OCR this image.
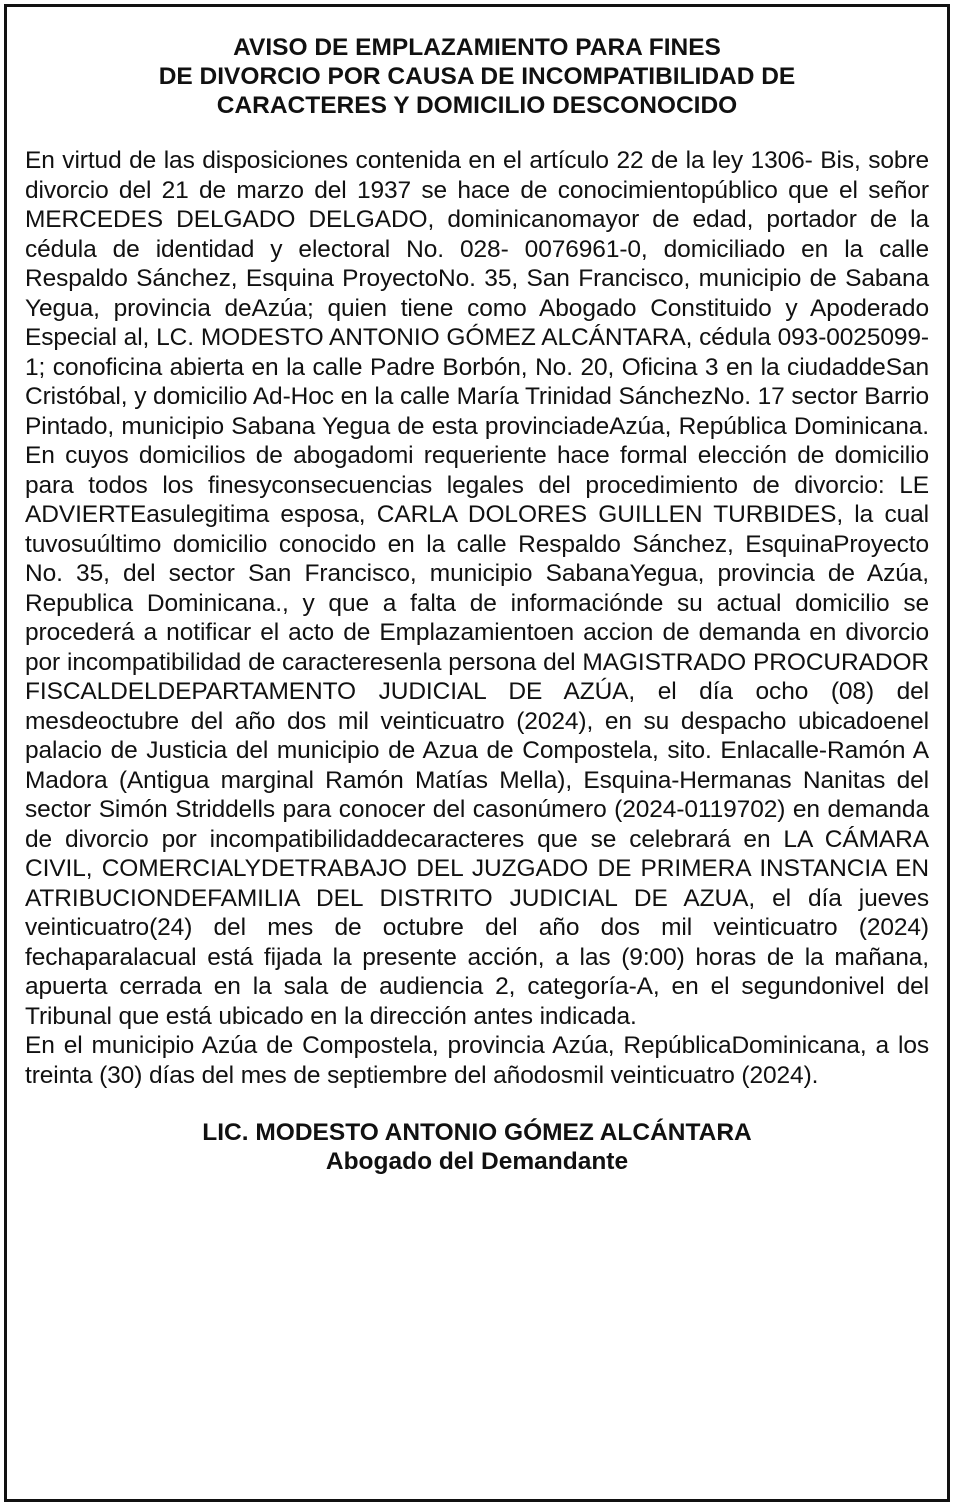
AVISO DE EMPLAZAMIENTO PARA FINES
DE DIVORCIO POR CAUSA DE INCOMPATIBILIDAD DE
CARACTERES Y DOMICILIO DESCONOCIDO

En virtud de las disposiciones contenida en el artículo 22 de la ley 1306- Bis, sobre divorcio del 21 de marzo del 1937 se hace de conocimientopúblico que el señor MERCEDES DELGADO DELGADO, dominicanomayor de edad, portador de la cédula de identidad y electoral No. 028- 0076961-0, domiciliado en la calle Respaldo Sánchez, Esquina ProyectoNo. 35, San Francisco, municipio de Sabana Yegua, provincia deAzúa; quien tiene como Abogado Constituido y Apoderado Especial al, LC. MODESTO ANTONIO GÓMEZ ALCÁNTARA, cédula 093-0025099-1; conoficina abierta en la calle Padre Borbón, No. 20, Oficina 3 en la ciudaddeSan Cristóbal, y domicilio Ad-Hoc en la calle María Trinidad SánchezNo. 17 sector Barrio Pintado, municipio Sabana Yegua de esta provinciadeAzúa, República Dominicana. En cuyos domicilios de abogadomi requeriente hace formal elección de domicilio para todos los finesyconsecuencias legales del procedimiento de divorcio: LE ADVIERTEasulegitima esposa, CARLA DOLORES GUILLEN TURBIDES, la cual tuvosuúltimo domicilio conocido en la calle Respaldo Sánchez, EsquinaProyecto No. 35, del sector San Francisco, municipio SabanaYegua, provincia de Azúa, Republica Dominicana., y que a falta de informaciónde su actual domicilio se procederá a notificar el acto de Emplazamientoen accion de demanda en divorcio por incompatibilidad de caracteresenla persona del MAGISTRADO PROCURADOR FISCALDELDEPARTAMENTO JUDICIAL DE AZÚA, el día ocho (08) del mesdeoctubre del año dos mil veinticuatro (2024), en su despacho ubicadoenel palacio de Justicia del municipio de Azua de Compostela, sito. Enlacalle-Ramón A Madora (Antigua marginal Ramón Matías Mella), Esquina-Hermanas Nanitas del sector Simón Striddells para conocer del casonúmero (2024-0119702) en demanda de divorcio por incompatibilidaddecaracteres que se celebrará en LA CÁMARA CIVIL, COMERCIALYDETRABAJO DEL JUZGADO DE PRIMERA INSTANCIA EN ATRIBUCIONDEFAMILIA DEL DISTRITO JUDICIAL DE AZUA, el día jueves veinticuatro(24) del mes de octubre del año dos mil veinticuatro (2024) fechaparalacual está fijada la presente acción, a las (9:00) horas de la mañana, apuerta cerrada en la sala de audiencia 2, categoría-A, en el segundonivel del Tribunal que está ubicado en la dirección antes indicada.

En el municipio Azúa de Compostela, provincia Azúa, RepúblicaDominicana, a los treinta (30) días del mes de septiembre del añodosmil veinticuatro (2024).

LIC. MODESTO ANTONIO GÓMEZ ALCÁNTARA
Abogado del Demandante
